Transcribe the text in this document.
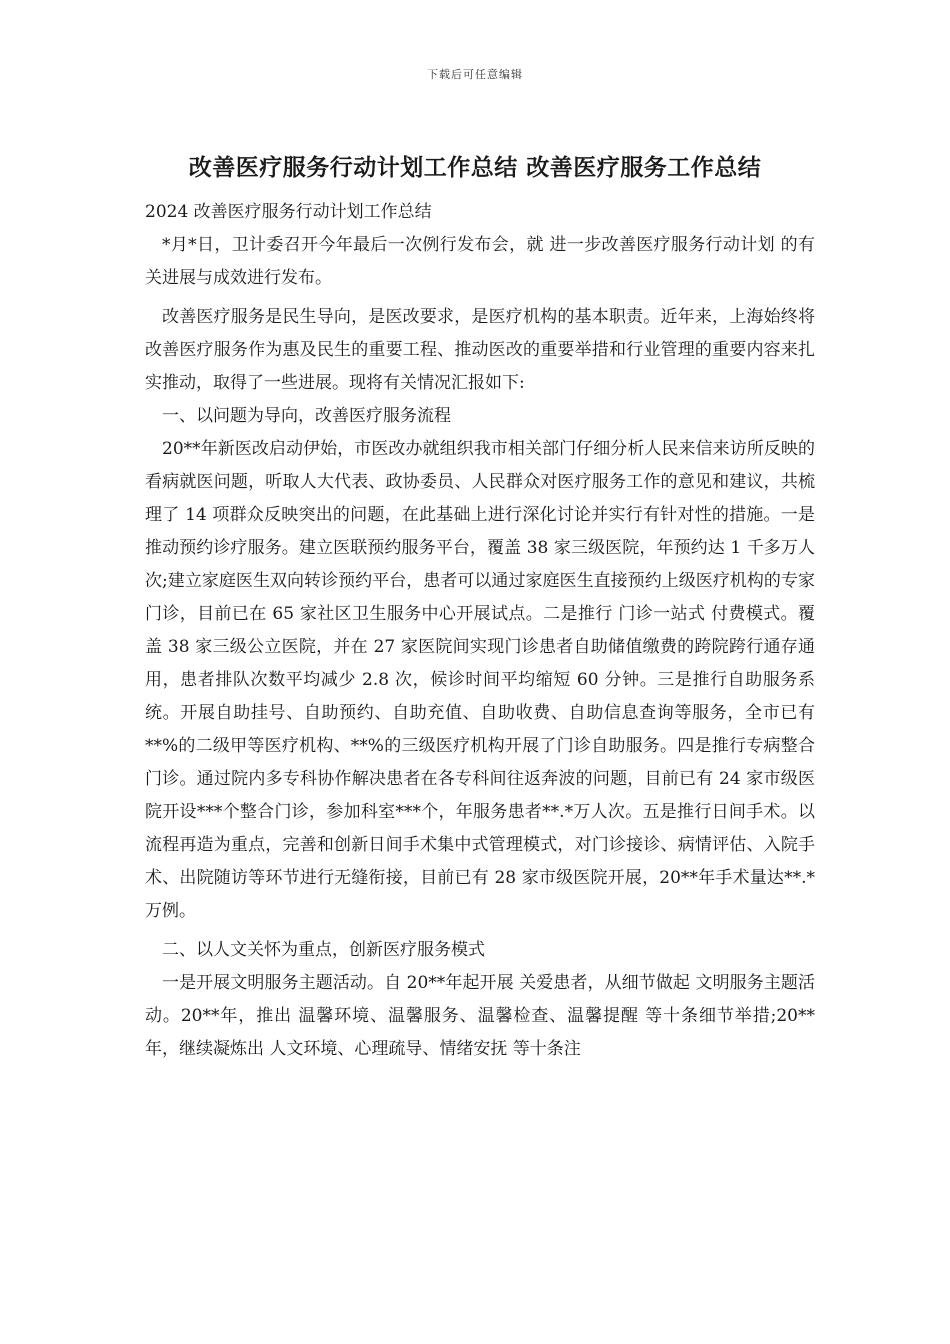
下载后可任意编辑
改善医疗服务行动计划工作总结 改善医疗服务工作总结

2024 改善医疗服务行动计划工作总结

*月*日，卫计委召开今年最后一次例行发布会，就 进一步改善医疗服务行动计划 的有关进展与成效进行发布。

改善医疗服务是民生导向，是医改要求，是医疗机构的基本职责。近年来，上海始终将改善医疗服务作为惠及民生的重要工程、推动医改的重要举措和行业管理的重要内容来扎实推动，取得了一些进展。现将有关情况汇报如下:

一、以问题为导向，改善医疗服务流程

20**年新医改启动伊始，市医改办就组织我市相关部门仔细分析人民来信来访所反映的看病就医问题，听取人大代表、政协委员、人民群众对医疗服务工作的意见和建议，共梳理了 14 项群众反映突出的问题，在此基础上进行深化讨论并实行有针对性的措施。一是推动预约诊疗服务。建立医联预约服务平台，覆盖 38 家三级医院，年预约达 1 千多万人次;建立家庭医生双向转诊预约平台，患者可以通过家庭医生直接预约上级医疗机构的专家门诊，目前已在 65 家社区卫生服务中心开展试点。二是推行 门诊一站式 付费模式。覆盖 38 家三级公立医院，并在 27 家医院间实现门诊患者自助储值缴费的跨院跨行通存通用，患者排队次数平均减少 2.8 次，候诊时间平均缩短 60 分钟。三是推行自助服务系统。开展自助挂号、自助预约、自助充值、自助收费、自助信息查询等服务，全市已有**%的二级甲等医疗机构、**%的三级医疗机构开展了门诊自助服务。四是推行专病整合门诊。通过院内多专科协作解决患者在各专科间往返奔波的问题，目前已有 24 家市级医院开设***个整合门诊，参加科室***个，年服务患者**.*万人次。五是推行日间手术。以流程再造为重点，完善和创新日间手术集中式管理模式，对门诊接诊、病情评估、入院手术、出院随访等环节进行无缝衔接，目前已有 28 家市级医院开展，20**年手术量达**.*万例。

二、以人文关怀为重点，创新医疗服务模式

一是开展文明服务主题活动。自 20**年起开展 关爱患者，从细节做起 文明服务主题活动。20**年，推出 温馨环境、温馨服务、温馨检查、温馨提醒 等十条细节举措;20**年，继续凝炼出 人文环境、心理疏导、情绪安抚 等十条注
